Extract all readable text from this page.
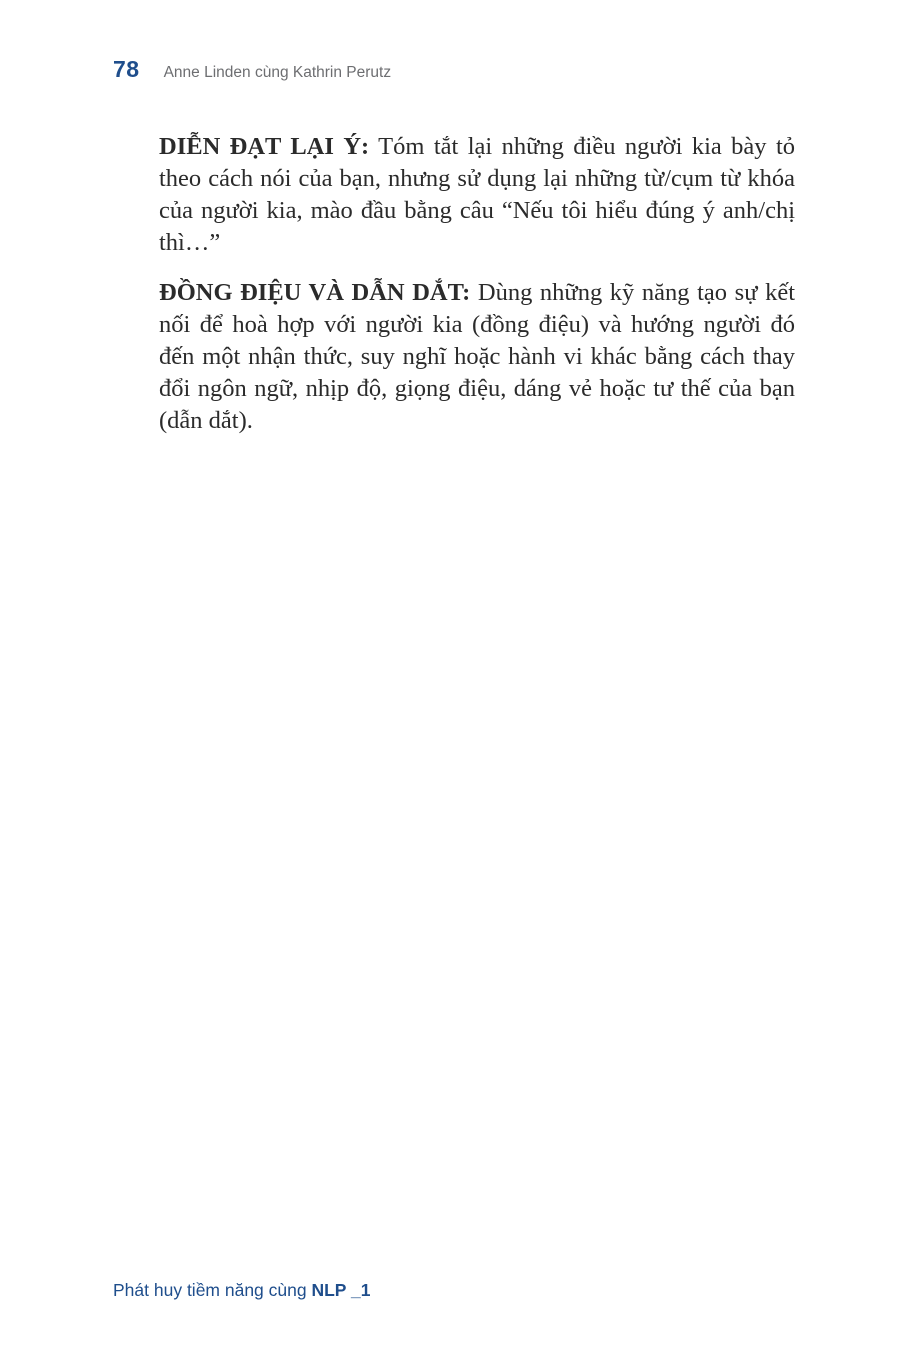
78 Anne Linden cùng Kathrin Perutz

DIỄN ĐẠT LẠI Ý: Tóm tắt lại những điều người kia bày tỏ theo cách nói của bạn, nhưng sử dụng lại những từ/cụm từ khóa của người kia, mào đầu bằng câu “Nếu tôi hiểu đúng ý anh/chị thì…”

ĐỒNG ĐIỆU VÀ DẪN DẮT: Dùng những kỹ năng tạo sự kết nối để hoà hợp với người kia (đồng điệu) và hướng người đó đến một nhận thức, suy nghĩ hoặc hành vi khác bằng cách thay đổi ngôn ngữ, nhịp độ, giọng điệu, dáng vẻ hoặc tư thế của bạn (dẫn dắt).

Phát huy tiềm năng cùng NLP _1
